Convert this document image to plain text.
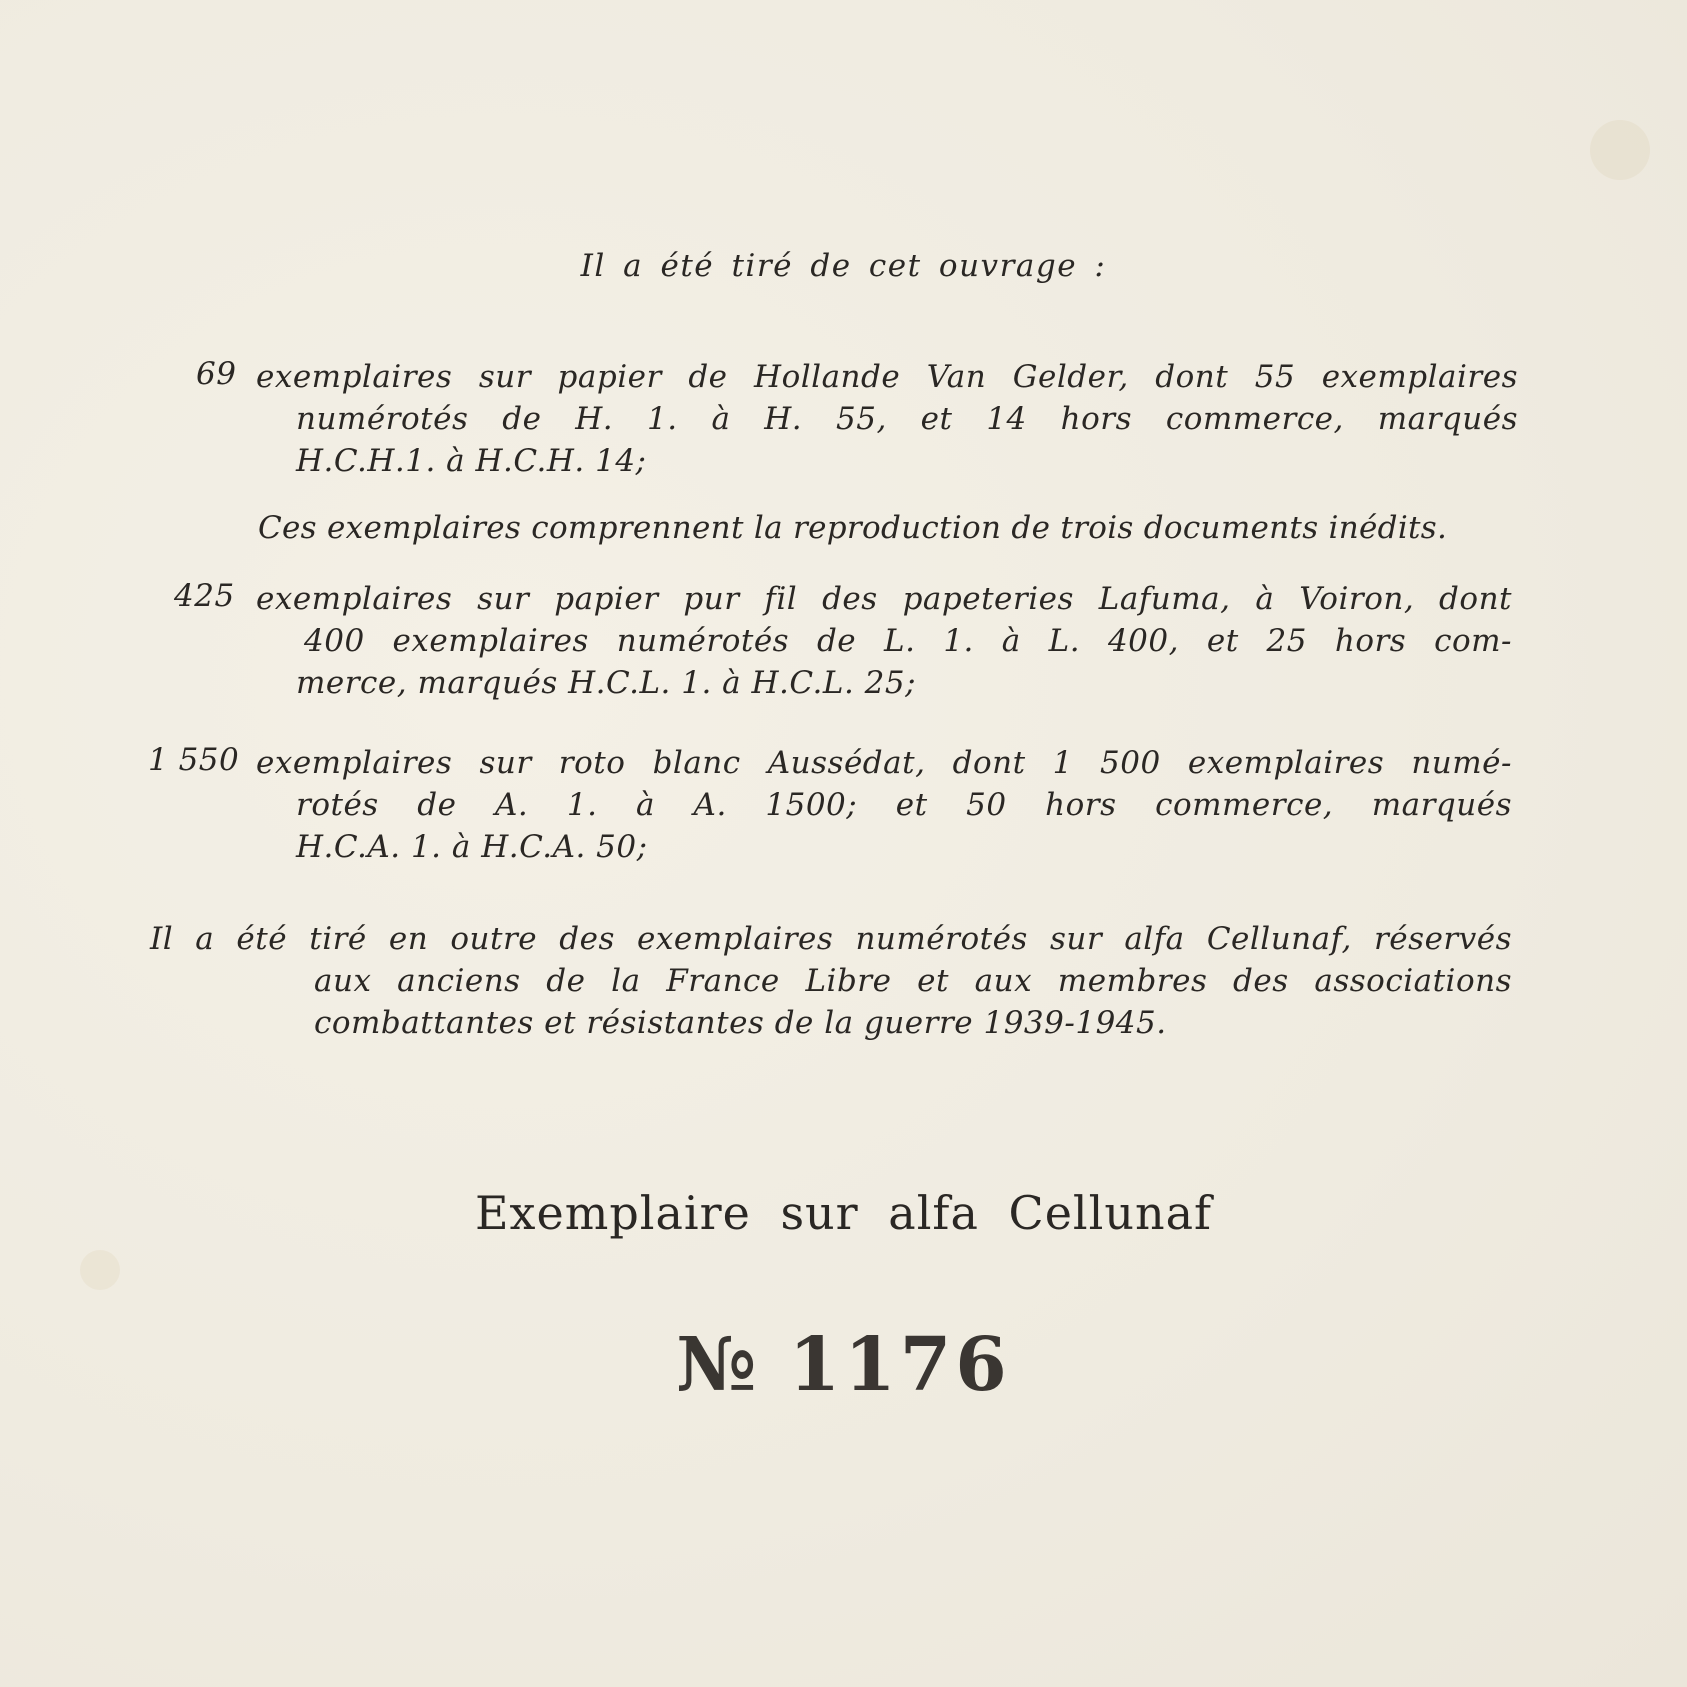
Il a été tiré de cet ouvrage :

69 exemplaires sur papier de Hollande Van Gelder, dont 55 exemplaires
numérotés de H. 1. à H. 55, et 14 hors commerce, marqués
H.C.H.1. à H.C.H. 14;

Ces exemplaires comprennent la reproduction de trois documents inédits.

425 exemplaires sur papier pur fil des papeteries Lafuma, à Voiron, dont
400 exemplaires numérotés de L. 1. à L. 400, et 25 hors com-
merce, marqués H.C.L. 1. à H.C.L. 25;
1 550 exemplaires sur roto blanc Aussédat, dont 1 500 exemplaires numé-
rotés de A. 1. à A. 1500; et 50 hors commerce, marqués
H.C.A. 1. à H.C.A. 50;
Il a été tiré en outre des exemplaires numérotés sur alfa Cellunaf, réservés
aux anciens de la France Libre et aux membres des associations
combattantes et résistantes de la guerre 1939-1945.

Exemplaire sur alfa Cellunaf

№ 1176
